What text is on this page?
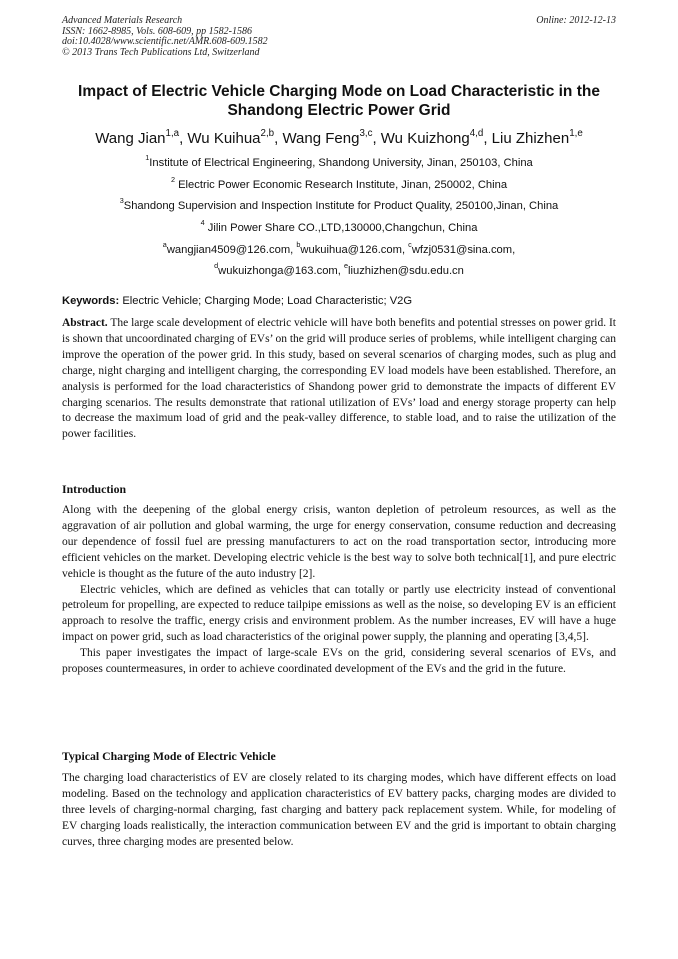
Advanced Materials Research
ISSN: 1662-8985, Vols. 608-609, pp 1582-1586
doi:10.4028/www.scientific.net/AMR.608-609.1582
© 2013 Trans Tech Publications Ltd, Switzerland
Online: 2012-12-13
Impact of Electric Vehicle Charging Mode on Load Characteristic in the
Shandong Electric Power Grid
Wang Jian$^{1,a}$, Wu Kuihua$^{2,b}$, Wang Feng$^{3,c}$, Wu Kuizhong$^{4,d}$, Liu Zhizhen$^{1,e}$
$^1$Institute of Electrical Engineering, Shandong University, Jinan, 250103, China
$^2$ Electric Power Economic Research Institute, Jinan, 250002, China
$^3$Shandong Supervision and Inspection Institute for Product Quality, 250100,Jinan, China
$^4$ Jilin Power Share CO.,LTD,130000,Changchun, China
$^a$wangjian4509@126.com, $^b$wukuihua@126.com, $^c$wfzj0531@sina.com,
$^d$wukuizhonga@163.com, $^e$liuzhizhen@sdu.edu.cn
Keywords: Electric Vehicle; Charging Mode; Load Characteristic; V2G

Abstract. The large scale development of electric vehicle will have both benefits and potential stresses on power grid. It is shown that uncoordinated charging of EVs’ on the grid will produce series of problems, while intelligent charging can improve the operation of the power grid. In this study, based on several scenarios of charging modes, such as plug and charge, night charging and intelligent charging, the corresponding EV load models have been established. Therefore, an analysis is performed for the load characteristics of Shandong power grid to demonstrate the impacts of different EV charging scenarios. The results demonstrate that rational utilization of EVs’ load and energy storage property can help to decrease the maximum load of grid and the peak-valley difference, to stable load, and to raise the utilization of the power facilities.

Introduction

Along with the deepening of the global energy crisis, wanton depletion of petroleum resources, as well as the aggravation of air pollution and global warming, the urge for energy conservation, consume reduction and decreasing our dependence of fossil fuel are pressing manufacturers to act on the road transportation sector, introducing more efficient vehicles on the market. Developing electric vehicle is the best way to solve both technical[1], and pure electric vehicle is thought as the future of the auto industry [2].

Electric vehicles, which are defined as vehicles that can totally or partly use electricity instead of conventional petroleum for propelling, are expected to reduce tailpipe emissions as well as the noise, so developing EV is an efficient approach to resolve the traffic, energy crisis and environment problem. As the number increases, EV will have a huge impact on power grid, such as load characteristics of the original power supply, the planning and operating [3,4,5].

This paper investigates the impact of large-scale EVs on the grid, considering several scenarios of EVs, and proposes countermeasures, in order to achieve coordinated development of the EVs and the grid in the future.

Typical Charging Mode of Electric Vehicle

The charging load characteristics of EV are closely related to its charging modes, which have different effects on load modeling. Based on the technology and application characteristics of EV battery packs, charging modes are divided to three levels of charging-normal charging, fast charging and battery pack replacement system. While, for modeling of EV charging loads realistically, the interaction communication between EV and the grid is important to obtain charging curves, three charging modes are presented below.
